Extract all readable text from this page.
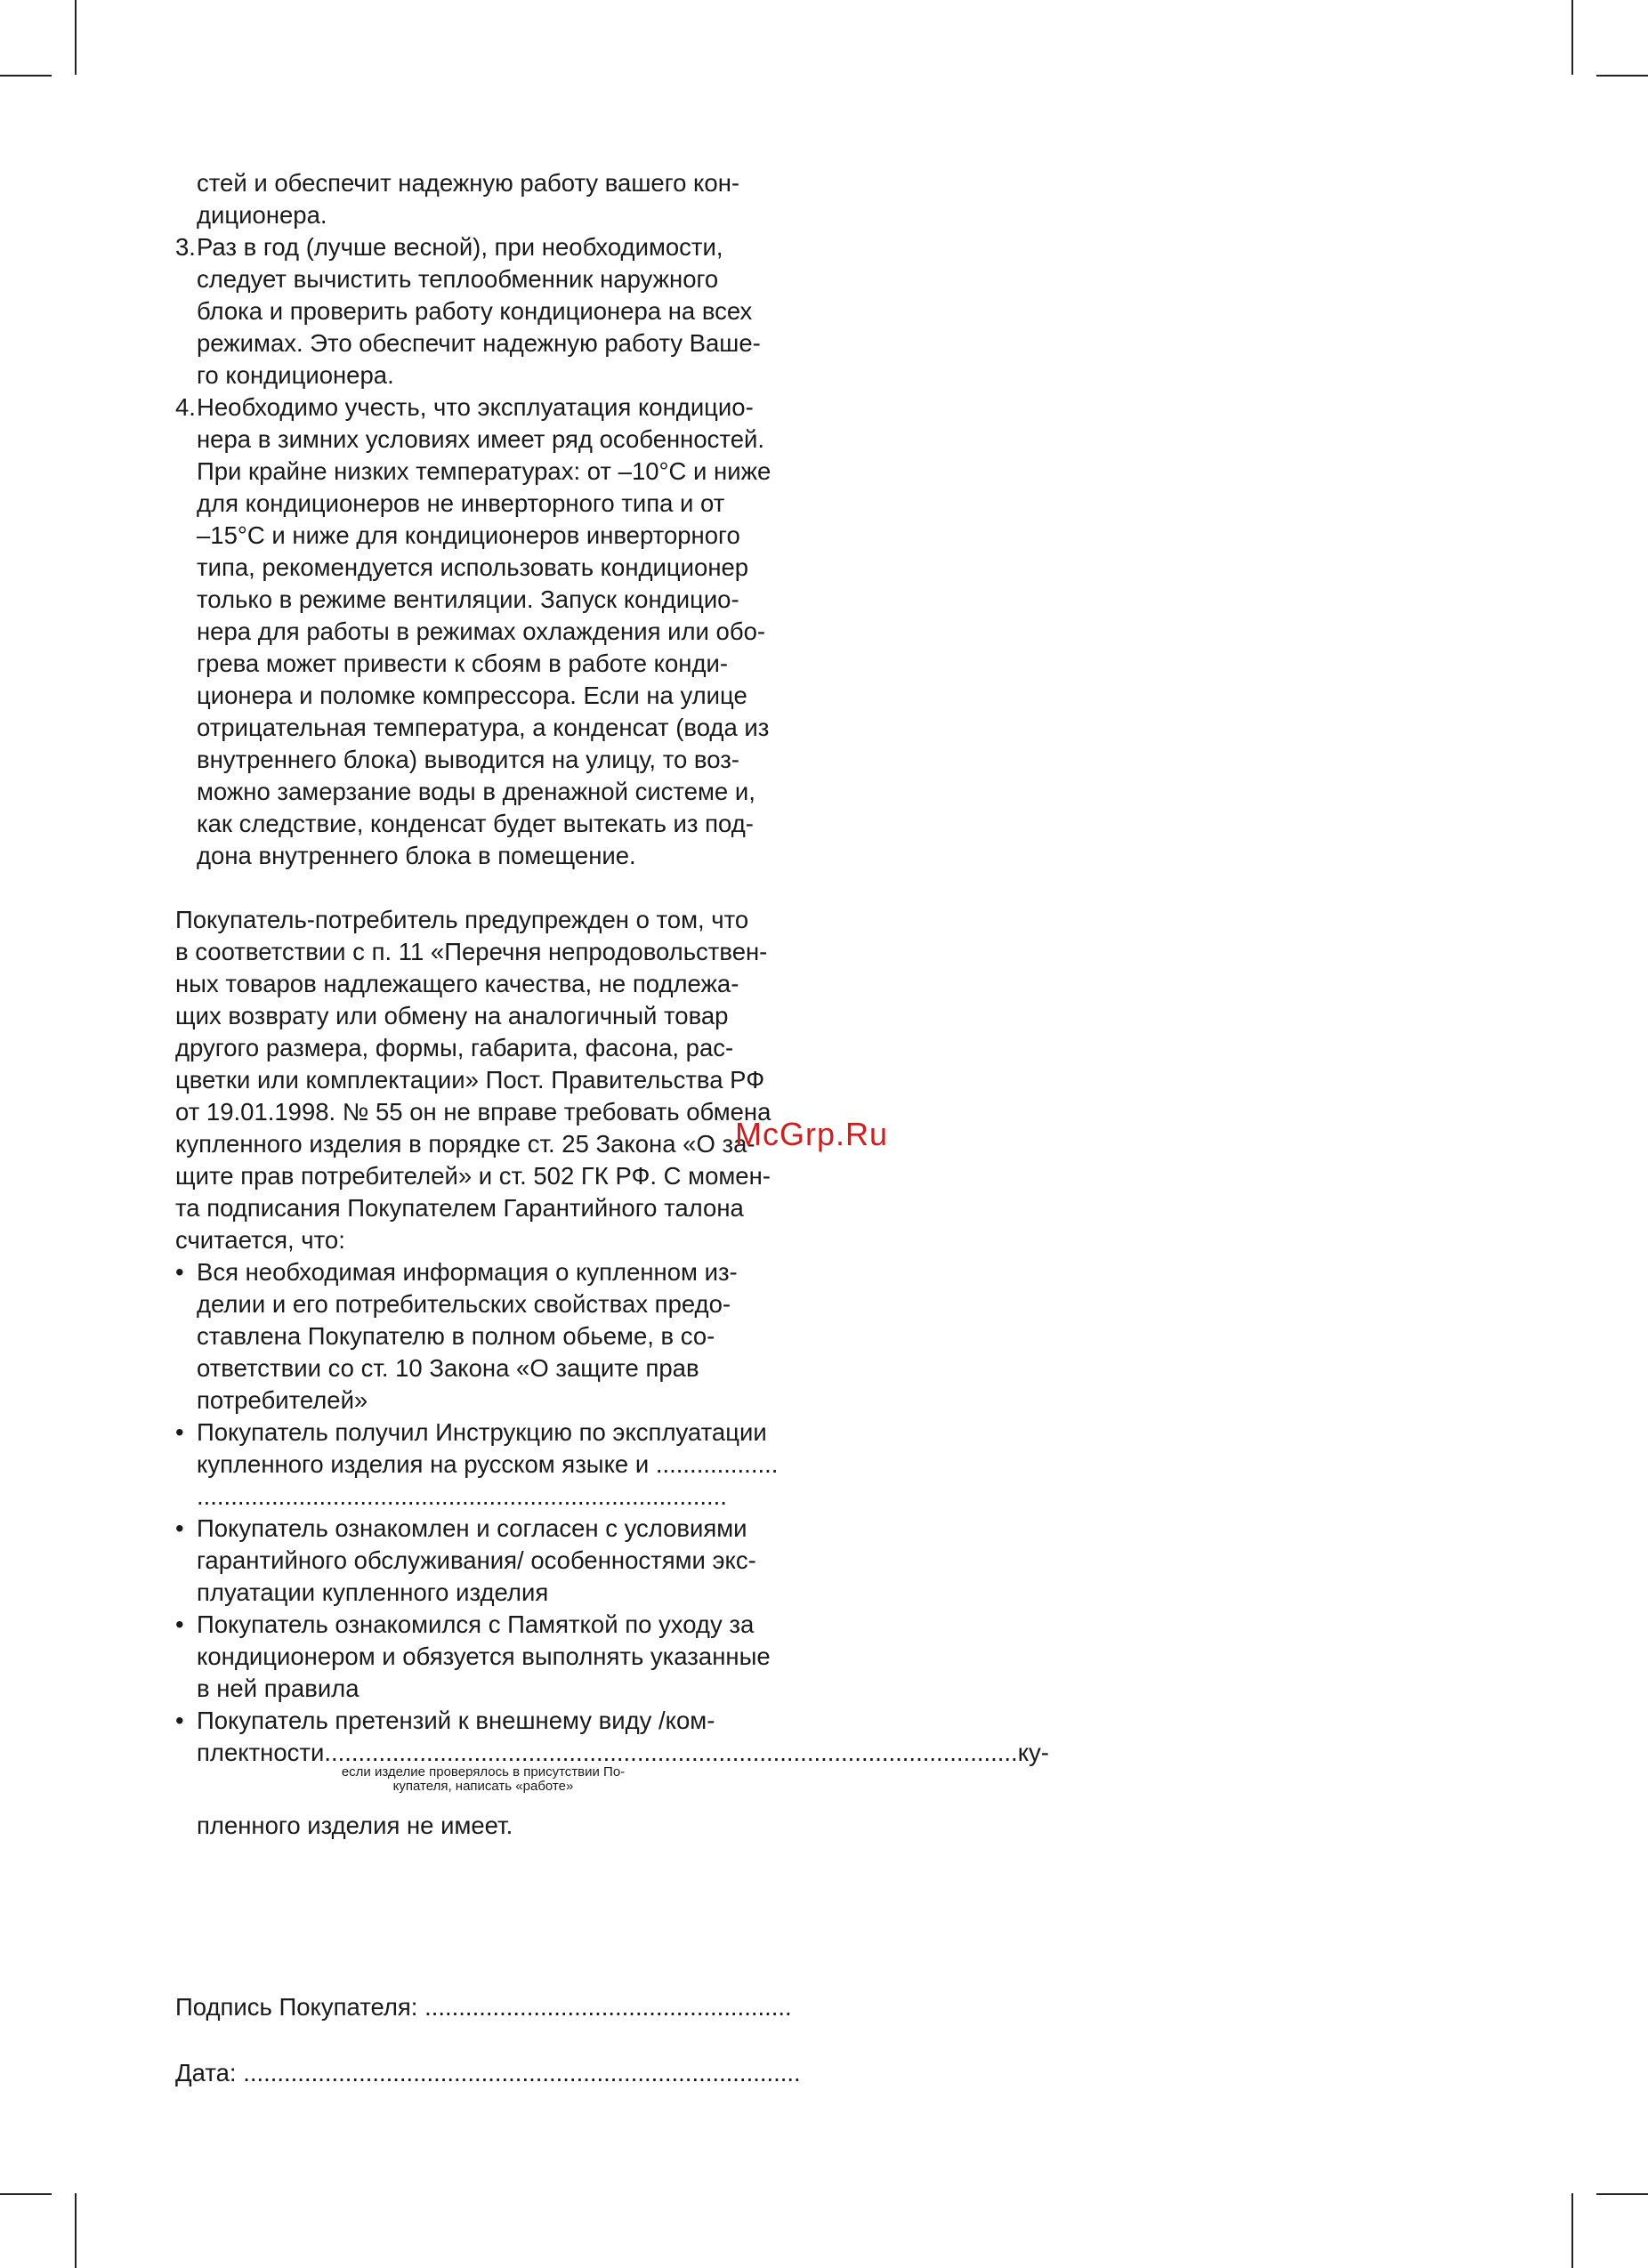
стей и обеспечит надежную работу вашего кон-
диционера.
3. Раз в год (лучше весной), при необходимости,
следует вычистить теплообменник наружного
блока и проверить работу кондиционера на всех
режимах. Это обеспечит надежную работу Ваше-
го кондиционера.
4. Необходимо учесть, что эксплуатация кондицио-
нера в зимних условиях имеет ряд особенностей.
При крайне низких температурах: от –10°С и ниже
для кондиционеров не инверторного типа и от
–15°С и ниже для кондиционеров инверторного
типа, рекомендуется использовать кондиционер
только в режиме вентиляции. Запуск кондицио-
нера для работы в режимах охлаждения или обо-
грева может привести к сбоям в работе конди-
ционера и поломке компрессора. Если на улице
отрицательная температура, а конденсат (вода из
внутреннего блока) выводится на улицу, то воз-
можно замерзание воды в дренажной системе и,
как следствие, конденсат будет вытекать из под-
дона внутреннего блока в помещение.
Покупатель-потребитель предупрежден о том, что
в соответствии с п. 11 «Перечня непродовольствен-
ных товаров надлежащего качества, не подлежа-
щих возврату или обмену на аналогичный товар
другого размера, формы, габарита, фасона, рас-
цветки или комплектации» Пост. Правительства РФ
от 19.01.1998. № 55 он не вправе требовать обмена
купленного изделия в порядке ст. 25 Закона «О за-
щите прав потребителей» и ст. 502 ГК РФ. С момен-
та подписания Покупателем Гарантийного талона
считается, что:
• Вся необходимая информация о купленном из-
делии и его потребительских свойствах предо-
ставлена Покупателю в полном обьеме, в со-
ответствии со ст. 10 Закона «О защите прав
потребителей»
• Покупатель получил Инструкцию по эксплуатации
купленного изделия на русском языке и ..................
..............................................................................
• Покупатель ознакомлен и согласен с условиями
гарантийного обслуживания/ особенностями экс-
плуатации купленного изделия
• Покупатель ознакомился с Памяткой по уходу за
кондиционером и обязуется выполнять указанные
в ней правила
• Покупатель претензий к внешнему виду /ком-
плектности ...................................................................................................... ку-
если изделие проверялось в присутствии По-
купателя, написать «работе»
пленного изделия не имеет.
Подпись Покупателя: ......................................................
Дата: ..................................................................................
McGrp.Ru
